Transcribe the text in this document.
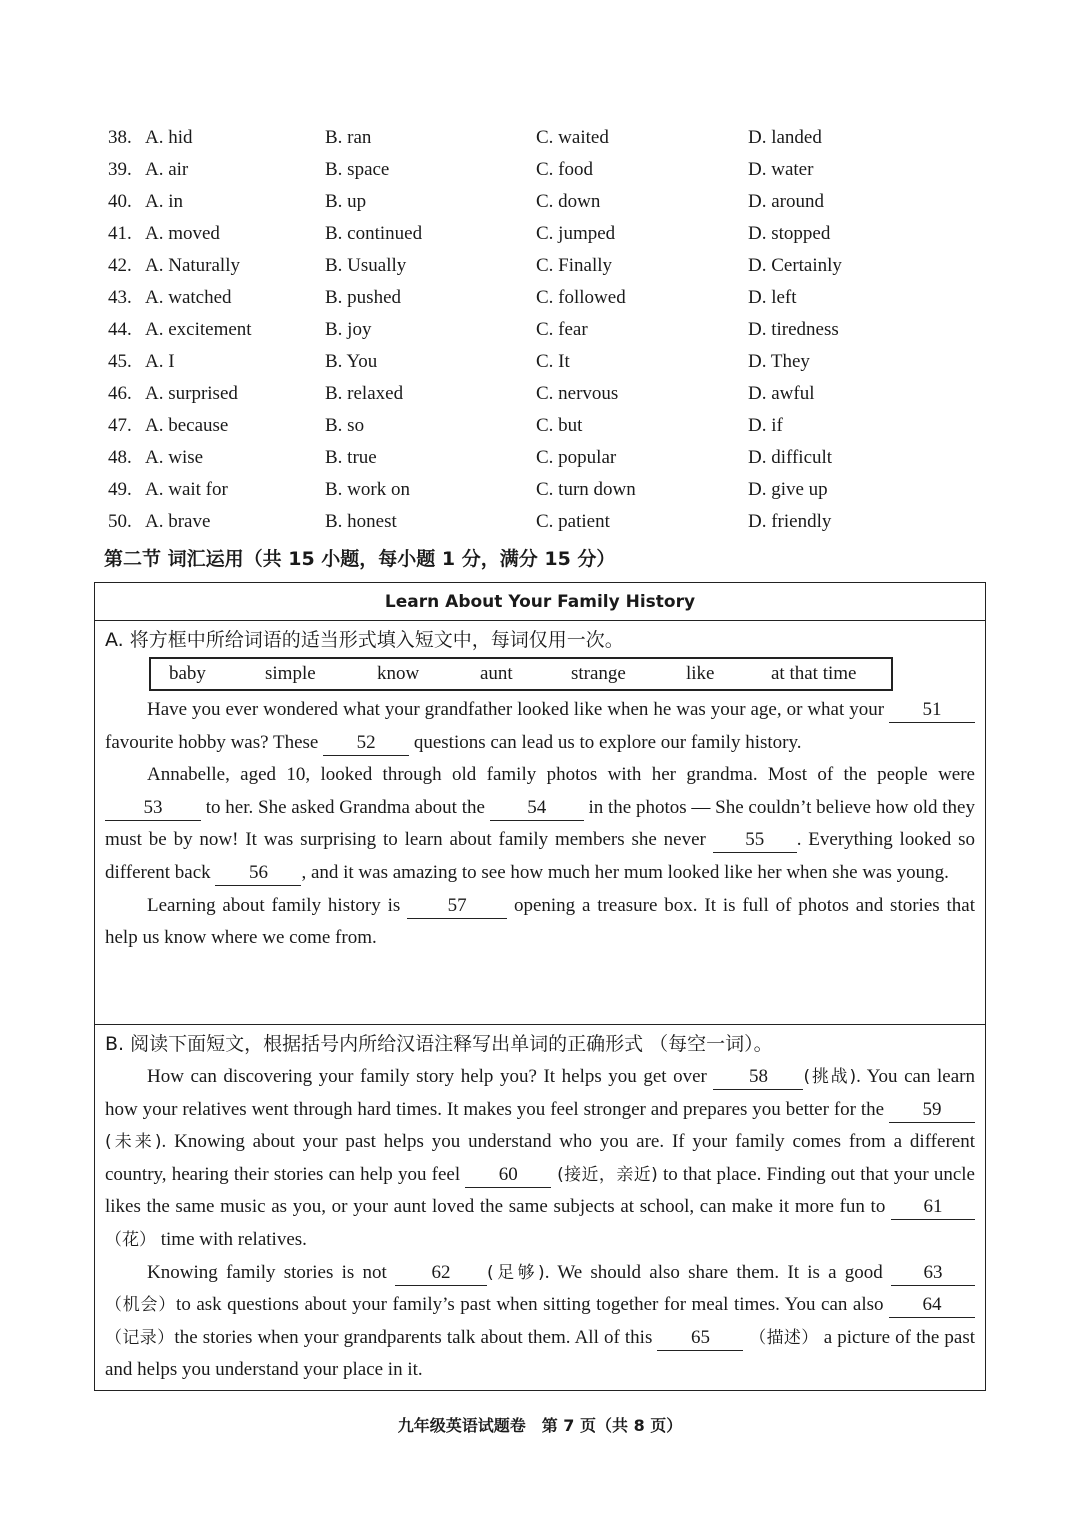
38. A. hid	B. ran	C. waited	D. landed
39. A. air	B. space	C. food	D. water
40. A. in	B. up	C. down	D. around
41. A. moved	B. continued	C. jumped	D. stopped
42. A. Naturally	B. Usually	C. Finally	D. Certainly
43. A. watched	B. pushed	C. followed	D. left
44. A. excitement	B. joy	C. fear	D. tiredness
45. A. I	B. You	C. It	D. They
46. A. surprised	B. relaxed	C. nervous	D. awful
47. A. because	B. so	C. but	D. if
48. A. wise	B. true	C. popular	D. difficult
49. A. wait for	B. work on	C. turn down	D. give up
50. A. brave	B. honest	C. patient	D. friendly
第二节 词汇运用（共 15 小题，每小题 1 分，满分 15 分）
Learn About Your Family History
A. 将方框中所给词语的适当形式填入短文中，每词仅用一次。
baby	simple	know	aunt	strange	like	at that time

Have you ever wondered what your grandfather looked like when he was your age, or what your 51 favourite hobby was? These 52 questions can lead us to explore our family history.

Annabelle, aged 10, looked through old family photos with her grandma. Most of the people were 53 to her. She asked Grandma about the 54 in the photos — She couldn’t believe how old they must be by now! It was surprising to learn about family members she never 55 . Everything looked so different back 56 , and it was amazing to see how much her mum looked like her when she was young.

Learning about family history is 57 opening a treasure box. It is full of photos and stories that help us know where we come from.

B. 阅读下面短文，根据括号内所给汉语注释写出单词的正确形式 （每空一词）。

How can discovering your family story help you? It helps you get over 58 (挑战). You can learn how your relatives went through hard times. It makes you feel stronger and prepares you better for the 59(未来). Knowing about your past helps you understand who you are. If your family comes from a different country, hearing their stories can help you feel 60 (接近，亲近) to that place. Finding out that your uncle likes the same music as you, or your aunt loved the same subjects at school, can make it more fun to 61 （花） time with relatives.

Knowing family stories is not 62 (足够). We should also share them. It is a good 63（机会）to ask questions about your family’s past when sitting together for meal times. You can also 64 （记录）the stories when your grandparents talk about them. All of this 65 （描述） a picture of the past and helps you understand your place in it.

九年级英语试题卷　第 7 页（共 8 页）
